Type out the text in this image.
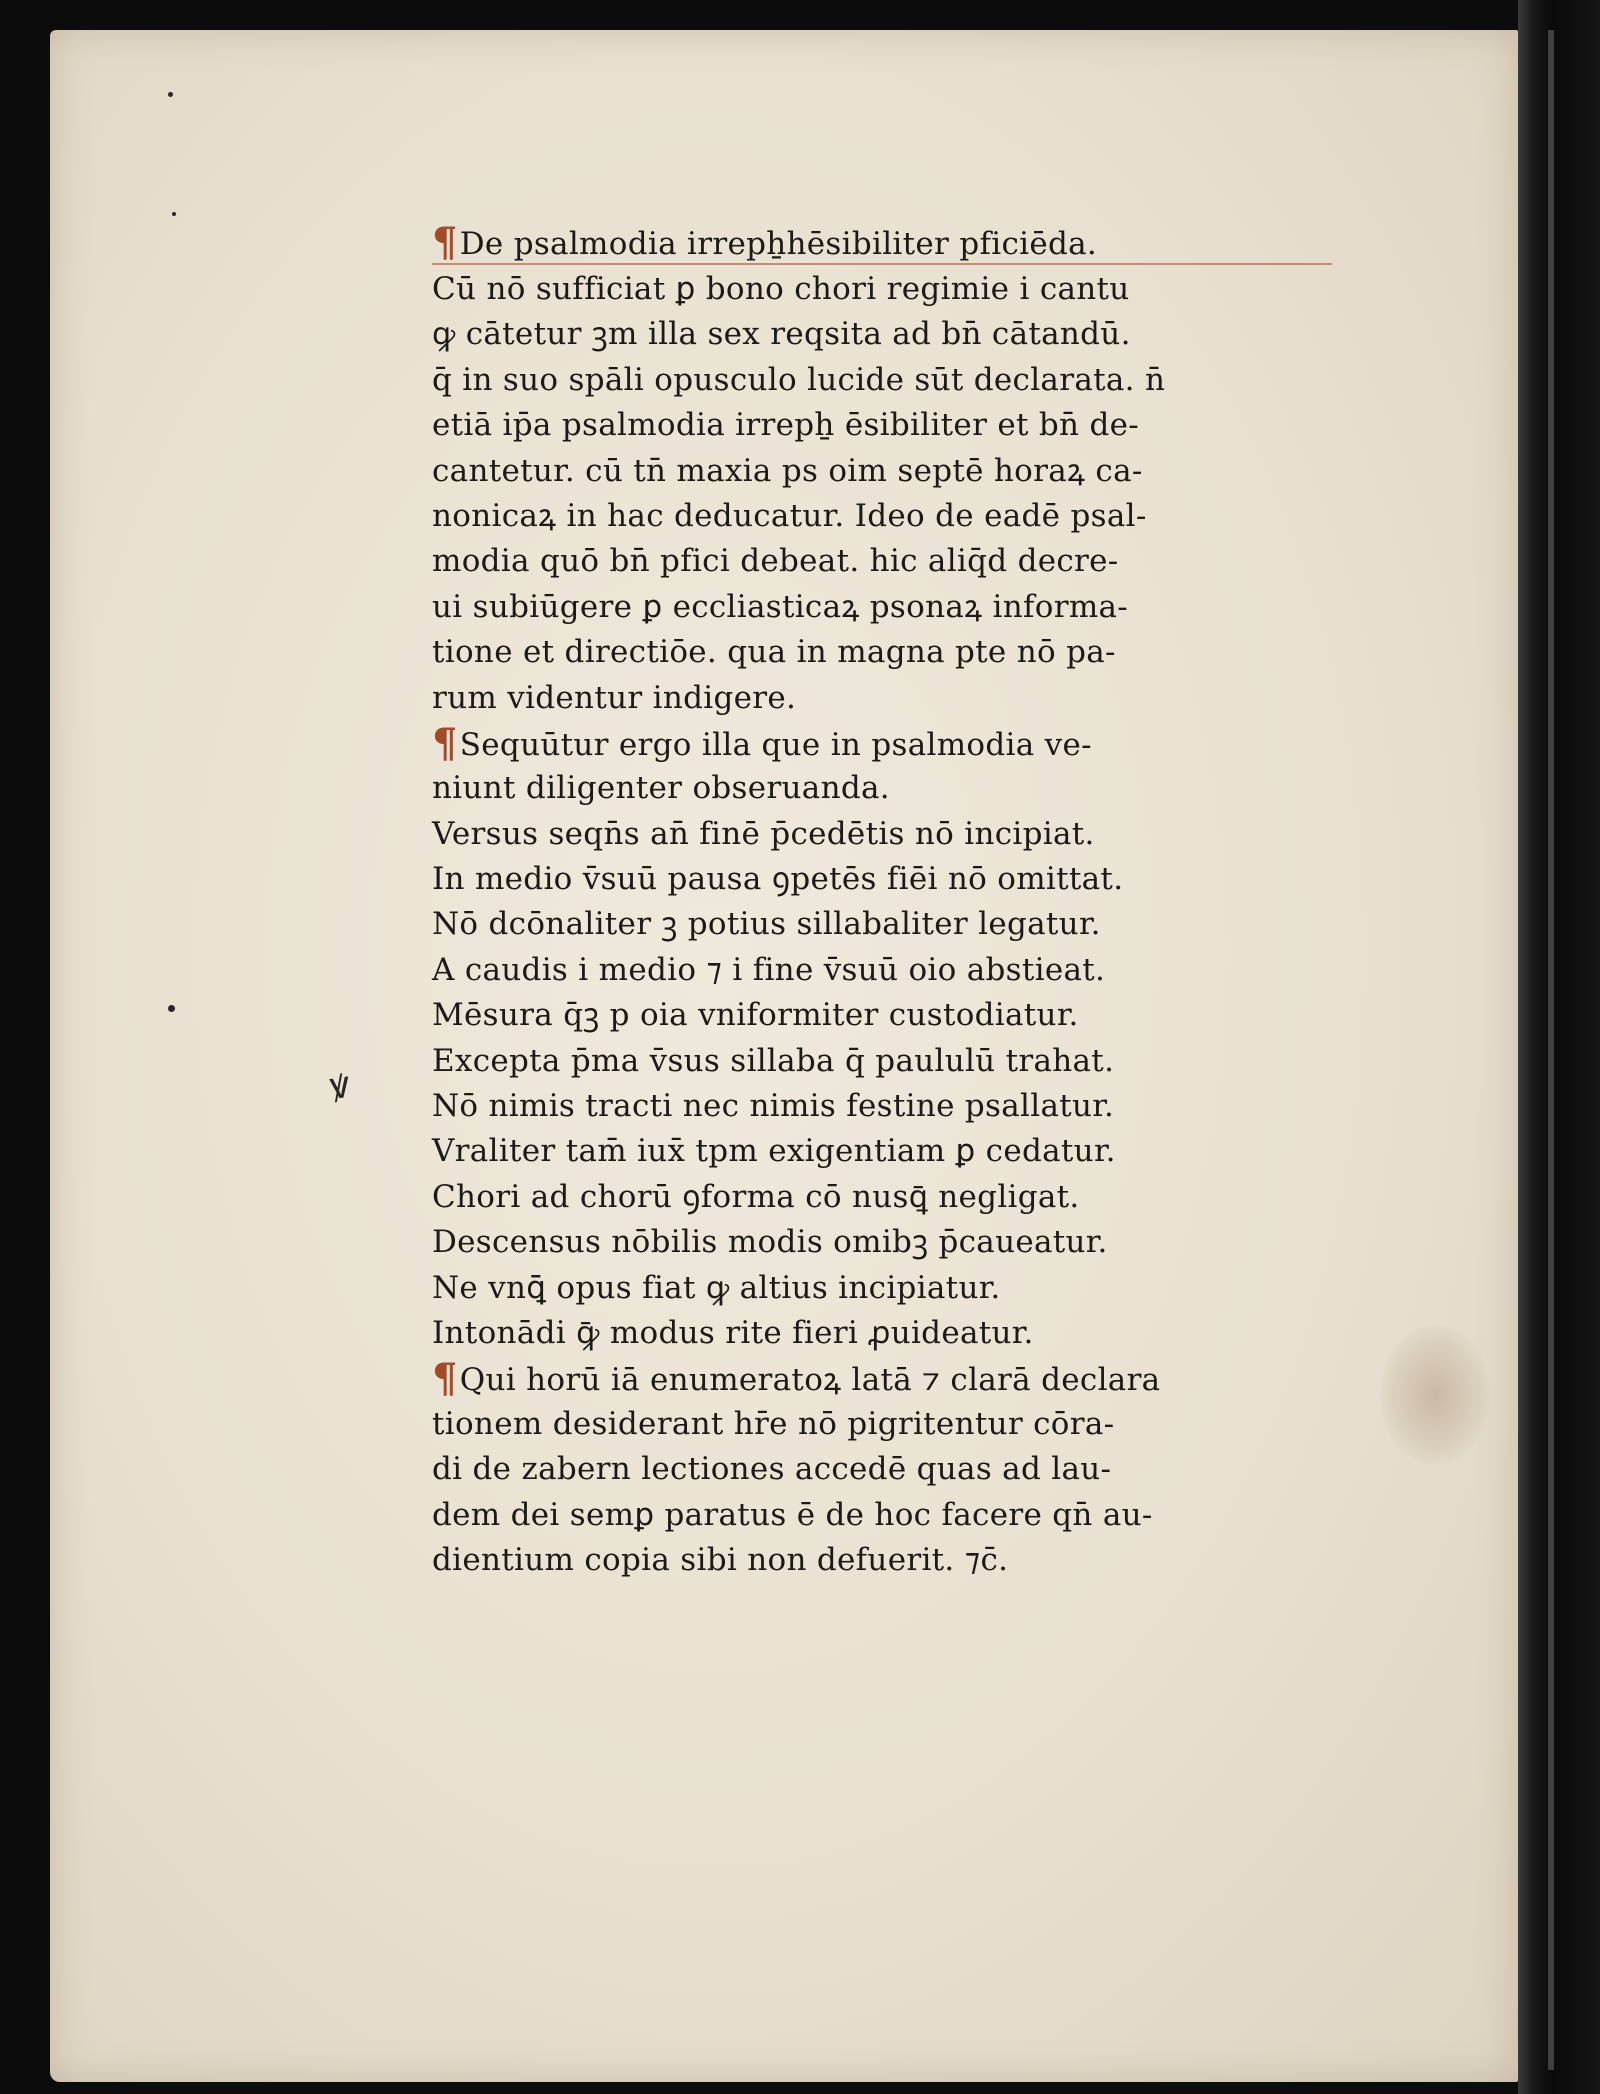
ꝟ
¶De psalmodia irrepẖhēsibiliter pficiēda.
Cū nō sufficiat ꝑ bono chori regimie i cantu
ꝙ cātetur ꝫm illa sex reqsita ad bn̄ cātandū.
q̄ in suo spāli opusculo lucide sūt declarata. n̄
etiā ip̄a psalmodia irrepẖ ēsibiliter et bn̄ de-
cantetur. cū tn̄ maxia ps oim septē horaꝝ ca-
nonicaꝝ in hac deducatur. Ideo de eadē psal-
modia quō bn̄ pfici debeat. hic aliq̄d decre-
ui subiūgere ꝑ eccliasticaꝝ psonaꝝ informa-
tione et directiōe. qua in magna pte nō pa-
rum videntur indigere.
¶Sequūtur ergo illa que in psalmodia ve-
niunt diligenter obseruanda.
Versus seqn̄s an̄ finē p̄cedētis nō incipiat.
In medio v̄suū pausa ꝯpetēs fiēi nō omittat.
Nō dcōnaliter ꝫ potius sillabaliter legatur.
A caudis i medio ⁊ i fine v̄suū oio abstieat.
Mēsura q̄ꝫ p oia vniformiter custodiatur.
Excepta p̄ma v̄sus sillaba q̄ paululū trahat.
Nō nimis tracti nec nimis festine psallatur.
Vraliter tam̄ iux̄ tpm exigentiam ꝑ cedatur.
Chori ad chorū ꝯforma cō nusꝗ̄ negligat.
Descensus nōbilis modis omibꝫ p̄caueatur.
Ne vnꝗ̄ opus fiat ꝙ altius incipiatur.
Intonādi ꝙ̄ modus rite fieri ꝓuideatur.
¶Qui horū iā enumeratoꝝ latā ⁊ clarā declara
tionem desiderant hr̄e nō pigritentur cōra-
di de zabern lectiones accedē quas ad lau-
dem dei semꝑ paratus ē de hoc facere qn̄ au-
dientium copia sibi non defuerit. ⁊c̄.
